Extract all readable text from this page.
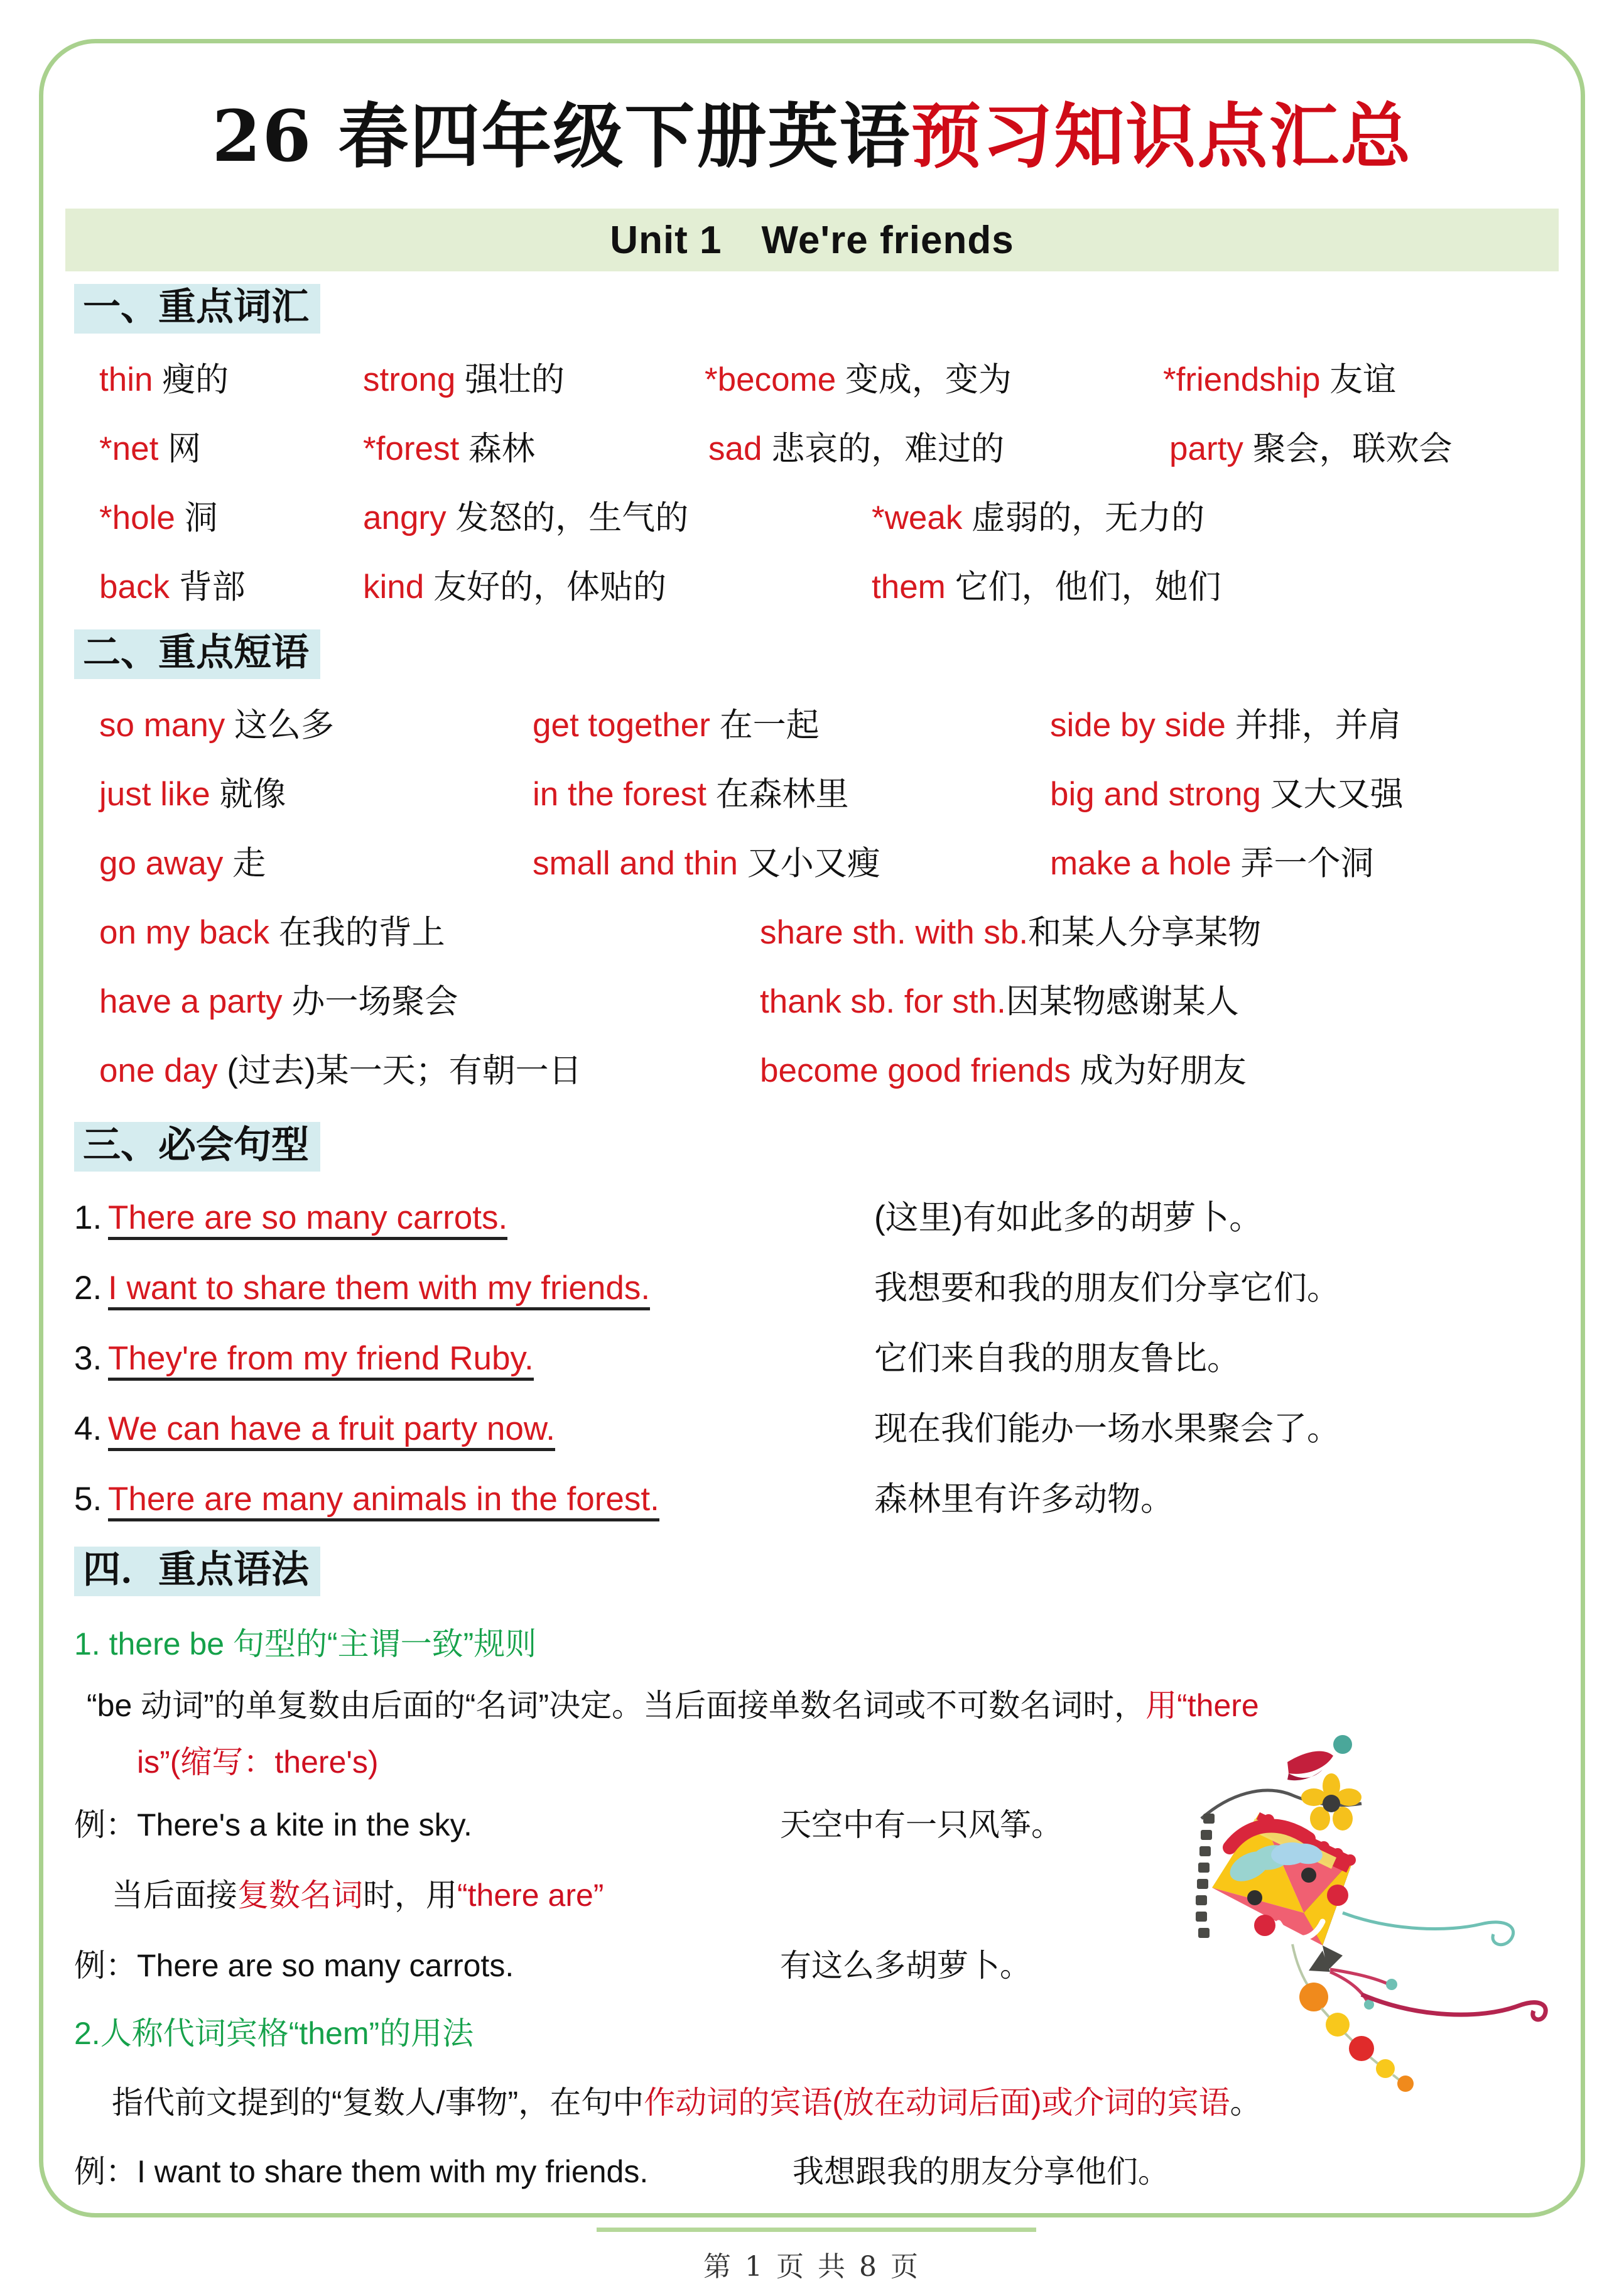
26 春四年级下册英语预习知识点汇总
Unit 1 We're friends
一、重点词汇
thin 瘦的	strong 强壮的	*become 变成，变为	*friendship 友谊
*net 网	*forest 森林	sad 悲哀的，难过的	party 聚会，联欢会
*hole 洞	angry 发怒的，生气的	*weak 虚弱的，无力的
back 背部	kind 友好的，体贴的	them 它们，他们，她们
二、重点短语
so many 这么多	get together 在一起	side by side 并排，并肩
just like 就像	in the forest 在森林里	big and strong 又大又强
go away 走	small and thin 又小又瘦	make a hole 弄一个洞
on my back 在我的背上	share sth. with sb.和某人分享某物
have a party 办一场聚会	thank sb. for sth.因某物感谢某人
one day (过去)某一天；有朝一日	become good friends 成为好朋友
三、必会句型
1. There are so many carrots.	(这里)有如此多的胡萝卜。
2. I want to share them with my friends.	我想要和我的朋友们分享它们。
3. They're from my friend Ruby.	它们来自我的朋友鲁比。
4. We can have a fruit party now.	现在我们能办一场水果聚会了。
5. There are many animals in the forest.	森林里有许多动物。
四．重点语法
1. there be 句型的“主谓一致”规则
“be 动词”的单复数由后面的“名词”决定。当后面接单数名词或不可数名词时，用“there
is”(缩写：there's)
例：There's a kite in the sky.	天空中有一只风筝。
当后面接复数名词时，用“there are”
例：There are so many carrots.	有这么多胡萝卜。
2.人称代词宾格“them”的用法
指代前文提到的“复数人/事物”，在句中作动词的宾语(放在动词后面)或介词的宾语。
例：I want to share them with my friends.	我想跟我的朋友分享他们。
第 1 页 共 8 页
